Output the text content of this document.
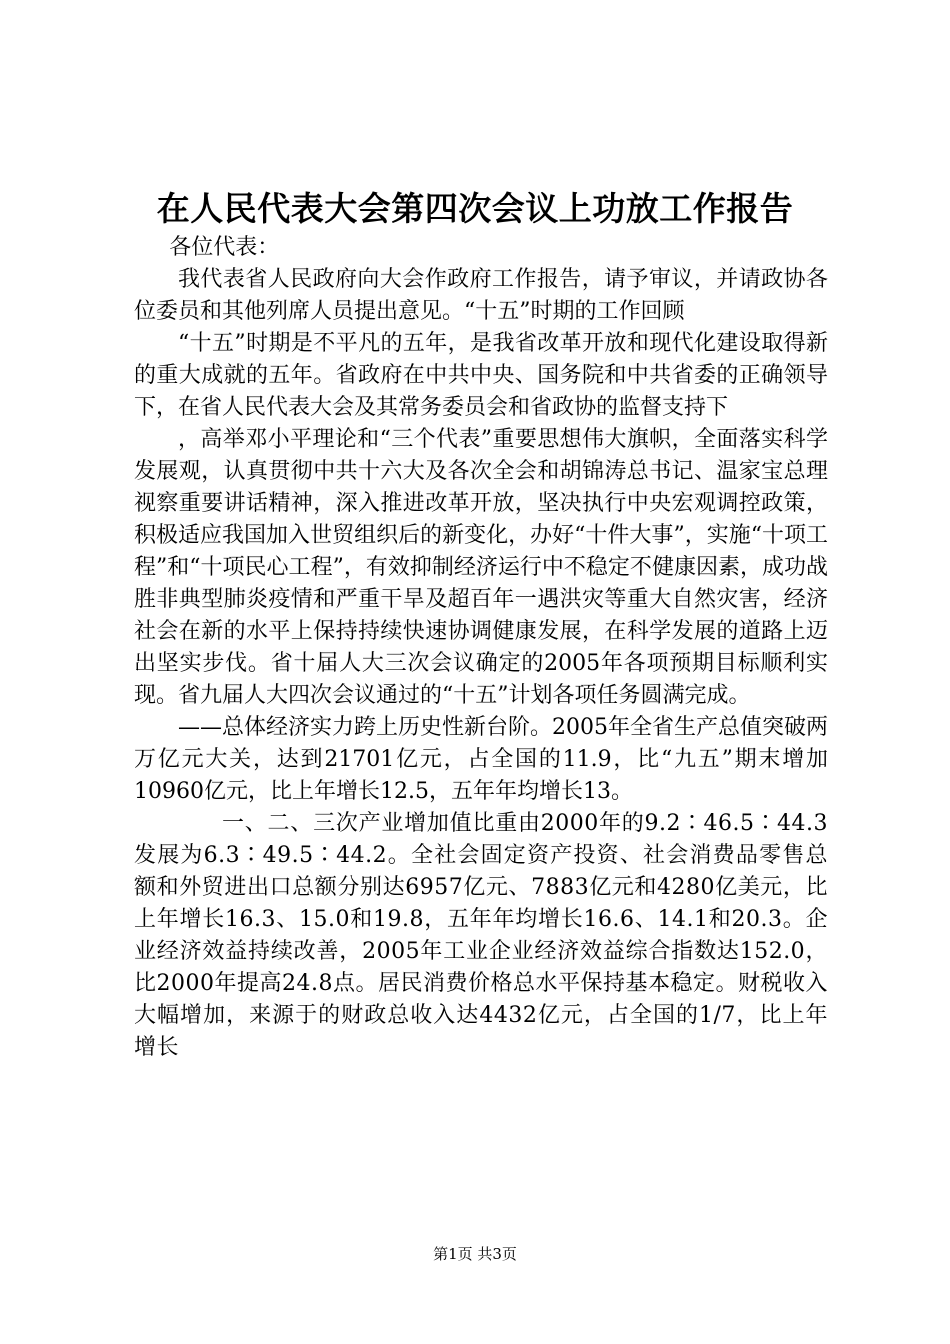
在人民代表大会第四次会议上功放工作报告

各位代表：

我代表省人民政府向大会作政府工作报告，请予审议，并请政协各位委员和其他列席人员提出意见。“十五”时期的工作回顾

“十五”时期是不平凡的五年，是我省改革开放和现代化建设取得新的重大成就的五年。省政府在中共中央、国务院和中共省委的正确领导下，在省人民代表大会及其常务委员会和省政协的监督支持下

，高举邓小平理论和“三个代表”重要思想伟大旗帜，全面落实科学发展观，认真贯彻中共十六大及各次全会和胡锦涛总书记、温家宝总理视察重要讲话精神，深入推进改革开放，坚决执行中央宏观调控政策，积极适应我国加入世贸组织后的新变化，办好“十件大事”，实施“十项工程”和“十项民心工程”，有效抑制经济运行中不稳定不健康因素，成功战胜非典型肺炎疫情和严重干旱及超百年一遇洪灾等重大自然灾害，经济社会在新的水平上保持持续快速协调健康发展，在科学发展的道路上迈出坚实步伐。省十届人大三次会议确定的2005年各项预期目标顺利实现。省九届人大四次会议通过的“十五”计划各项任务圆满完成。

——总体经济实力跨上历史性新台阶。2005年全省生产总值突破两万亿元大关，达到21701亿元，占全国的11.9，比“九五”期末增加10960亿元，比上年增长12.5，五年年均增长13。

一、二、三次产业增加值比重由2000年的9.2∶46.5∶44.3发展为6.3∶49.5∶44.2。全社会固定资产投资、社会消费品零售总额和外贸进出口总额分别达6957亿元、7883亿元和4280亿美元，比上年增长16.3、15.0和19.8，五年年均增长16.6、14.1和20.3。企业经济效益持续改善，2005年工业企业经济效益综合指数达152.0，比2000年提高24.8点。居民消费价格总水平保持基本稳定。财税收入大幅增加，来源于的财政总收入达4432亿元，占全国的1/7，比上年增长

第1页 共3页
